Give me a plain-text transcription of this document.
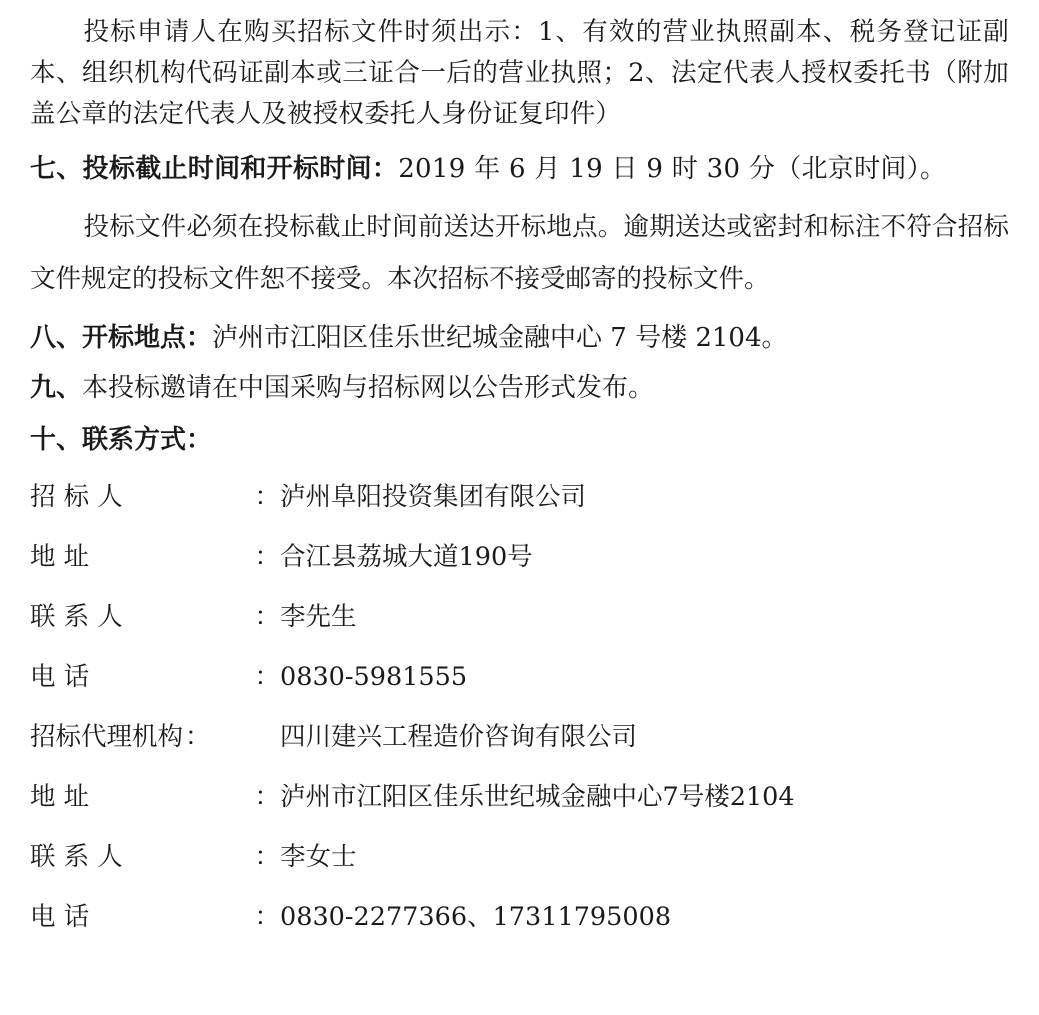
投标申请人在购买招标文件时须出示：1、有效的营业执照副本、税务登记证副本、组织机构代码证副本或三证合一后的营业执照；2、法定代表人授权委托书（附加盖公章的法定代表人及被授权委托人身份证复印件）

七、投标截止时间和开标时间：2019 年 6 月 19 日 9 时 30 分（北京时间）。

投标文件必须在投标截止时间前送达开标地点。逾期送达或密封和标注不符合招标文件规定的投标文件恕不接受。本次招标不接受邮寄的投标文件。

八、开标地点：泸州市江阳区佳乐世纪城金融中心 7 号楼 2104。

九、本投标邀请在中国采购与招标网以公告形式发布。

十、联系方式：

招 标 人	： 泸州阜阳投资集团有限公司
地 址	： 合江县荔城大道190号
联 系 人	： 李先生
电 话	： 0830-5981555
招标代理机构 ：	四川建兴工程造价咨询有限公司
地 址	： 泸州市江阳区佳乐世纪城金融中心7号楼2104
联 系 人	： 李女士
电 话	： 0830-2277366、17311795008
